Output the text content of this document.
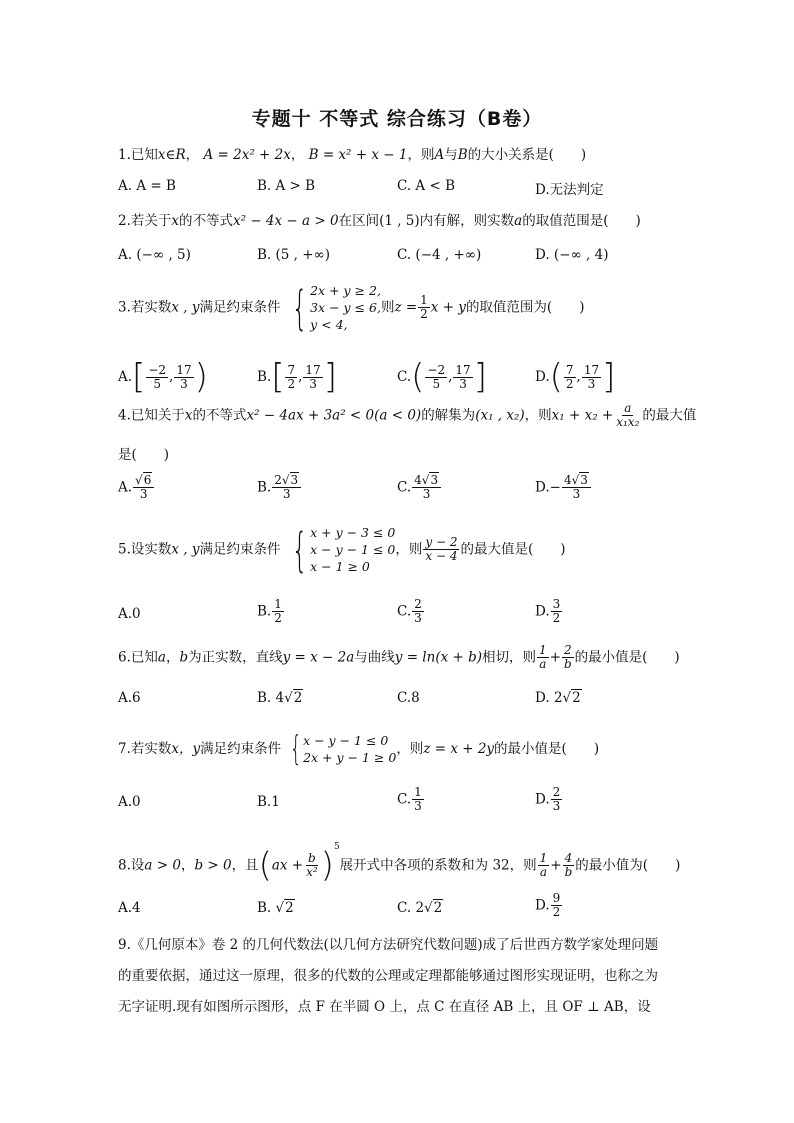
专题十 不等式 综合练习（B卷）
1.已知x∈R， A = 2x² + 2x， B = x² + x − 1，则A与B的大小关系是(　　)
A. A = B	B. A > B	C. A < B	D.无法判定
2.若关于x的不等式x² − 4x − a > 0在区间(1 , 5)内有解，则实数a的取值范围是(　　)
A. (−∞ , 5)	B. (5 , +∞)	C. (−4 , +∞)	D. (−∞ , 4)
3.若实数x , y满足约束条件 { 2x + y ≥ 2,
3x − y ≤ 6,
y < 4,
则$z = \frac{1}{2}$ x + y的取值范围为(　　)
$A.[ \frac{-2}{5}$ , $\frac{17}{3}$ )	$B.[ \frac{7}{2}$ , $\frac{17}{3}$ ]	$C.( \frac{-2}{5}$ , $\frac{17}{3}$ ]	$D.( \frac{7}{2}$ , $\frac{17}{3}$ ]
4.已知关于x的不等式x² − 4ax + 3a² < 0(a < 0)的解集为(x₁ , x₂)，则$x_1 + x_2 + \frac{a}{\text{x₁x₂}}$ 的最大值
是(　　)
A. $\frac{√6}{3}$	B. $\frac{2√3}{3}$	C. $\frac{4√3}{3}$	$D.- \frac{4√3}{3}$
5.设实数x , y满足约束条件 { x + y − 3 ≤ 0
x − y − 1 ≤ 0
x − 1 ≥ 0
，则 $\frac{y - 2}{x - 4}$ 的最大值是(　　)
A.0	B. $\frac{1}{2}$	C. $\frac{2}{3}$	D. $\frac{3}{2}$
6.已知a，b为正实数，直线y = x − 2a与曲线y = ln(x + b)相切，则 $\frac{1}{a} + \frac{2}{b}$ 的最小值是(　　)
A.6	B. 4√2	C.8	D. 2√2
7.若实数x，y满足约束条件 { x − y − 1 ≤ 0
2x + y − 1 ≥ 0
，则z = x + 2y的最小值是(　　)
A.0	B.1	C. $\frac{1}{3}$	D. $\frac{2}{3}$
8.设a > 0，b > 0，且$(ax + \frac{b}{\text{x²}} )^5$展开式中各项的系数和为 32，则 $\frac{1}{a} + \frac{4}{b}$ 的最小值为(　　)
A.4	B. √2	C. 2√2	D. $\frac{9}{2}$
9.《几何原本》卷 2 的几何代数法(以几何方法研究代数问题)成了后世西方数学家处理问题的重要依据，通过这一原理，很多的代数的公理或定理都能够通过图形实现证明，也称之为无字证明.现有如图所示图形，点 F 在半圆 O 上，点 C 在直径 AB 上，且 OF ⊥ AB，设
